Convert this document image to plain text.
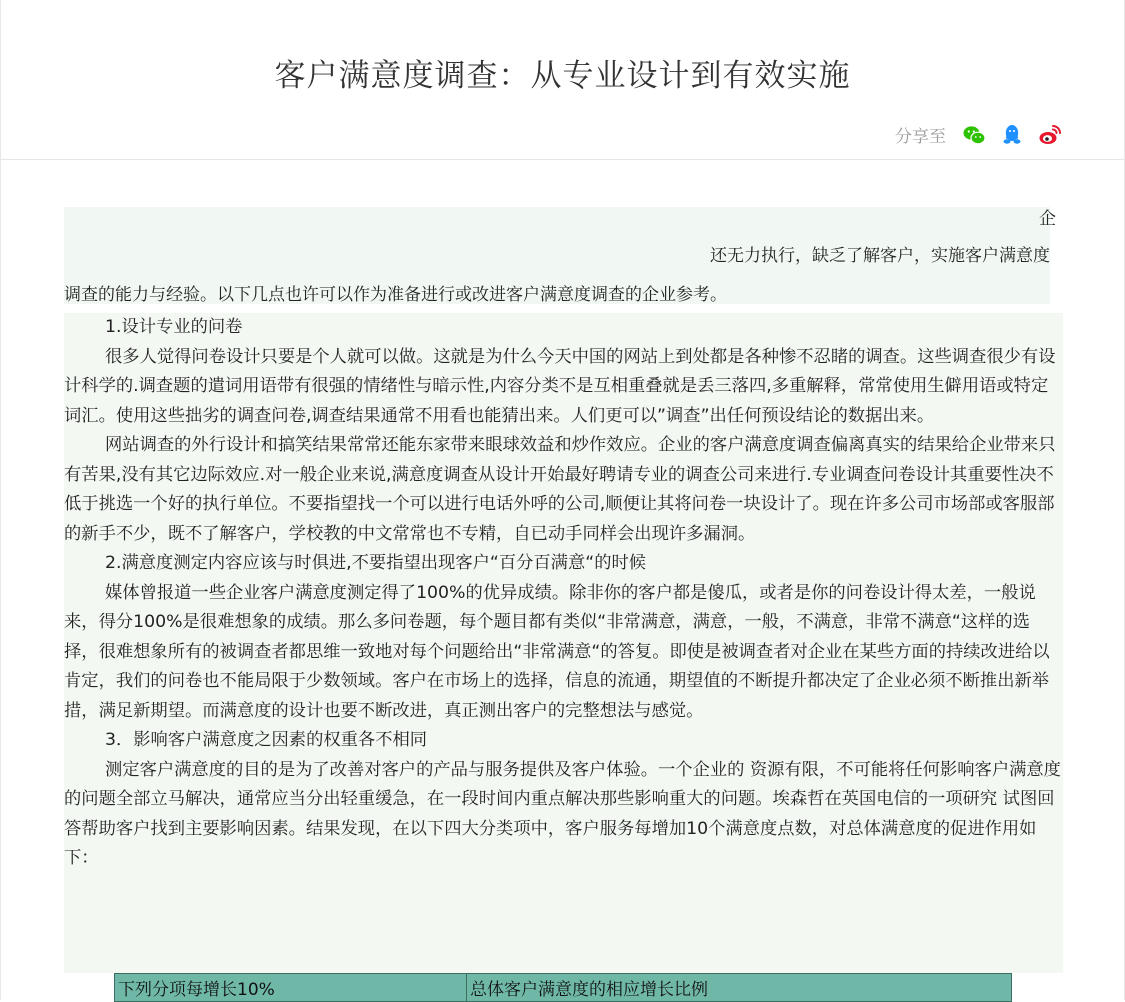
客户满意度调查：从专业设计到有效实施
分享至
企
还无力执行，缺乏了解客户，实施客户满意度
调查的能力与经验。以下几点也许可以作为准备进行或改进客户满意度调查的企业参考。

1.设计专业的问卷

很多人觉得问卷设计只要是个人就可以做。这就是为什么今天中国的网站上到处都是各种惨不忍睹的调查。这些调查很少有设计科学的.调查题的遣词用语带有很强的情绪性与暗示性,内容分类不是互相重叠就是丢三落四,多重解释，常常使用生僻用语或特定词汇。使用这些拙劣的调查问卷,调查结果通常不用看也能猜出来。人们更可以”调查”出任何预设结论的数据出来。

网站调查的外行设计和搞笑结果常常还能东家带来眼球效益和炒作效应。企业的客户满意度调查偏离真实的结果给企业带来只有苦果,没有其它边际效应.对一般企业来说,满意度调查从设计开始最好聘请专业的调查公司来进行.专业调查问卷设计其重要性决不低于挑选一个好的执行单位。不要指望找一个可以进行电话外呼的公司,顺便让其将问卷一块设计了。现在许多公司市场部或客服部的新手不少，既不了解客户，学校教的中文常常也不专精，自已动手同样会出现许多漏洞。

2.满意度测定内容应该与时俱进,不要指望出现客户“百分百满意“的时候

媒体曾报道一些企业客户满意度测定得了100%的优异成绩。除非你的客户都是傻瓜，或者是你的问卷设计得太差，一般说来，得分100%是很难想象的成绩。那么多问卷题，每个题目都有类似“非常满意，满意，一般，不满意，非常不满意“这样的选择，很难想象所有的被调查者都思维一致地对每个问题给出“非常满意“的答复。即使是被调查者对企业在某些方面的持续改进给以肯定，我们的问卷也不能局限于少数领域。客户在市场上的选择，信息的流通，期望值的不断提升都决定了企业必须不断推出新举措，满足新期望。而满意度的设计也要不断改进，真正测出客户的完整想法与感觉。

3．影响客户满意度之因素的权重各不相同

测定客户满意度的目的是为了改善对客户的产品与服务提供及客户体验。一个企业的 资源有限，不可能将任何影响客户满意度的问题全部立马解决，通常应当分出轻重缓急，在一段时间内重点解决那些影响重大的问题。埃森哲在英国电信的一项研究 试图回答帮助客户找到主要影响因素。结果发现，在以下四大分类项中，客户服务每增加10个满意度点数，对总体满意度的促进作用如下：

下列分项每增长10%	总体客户满意度的相应增长比例
